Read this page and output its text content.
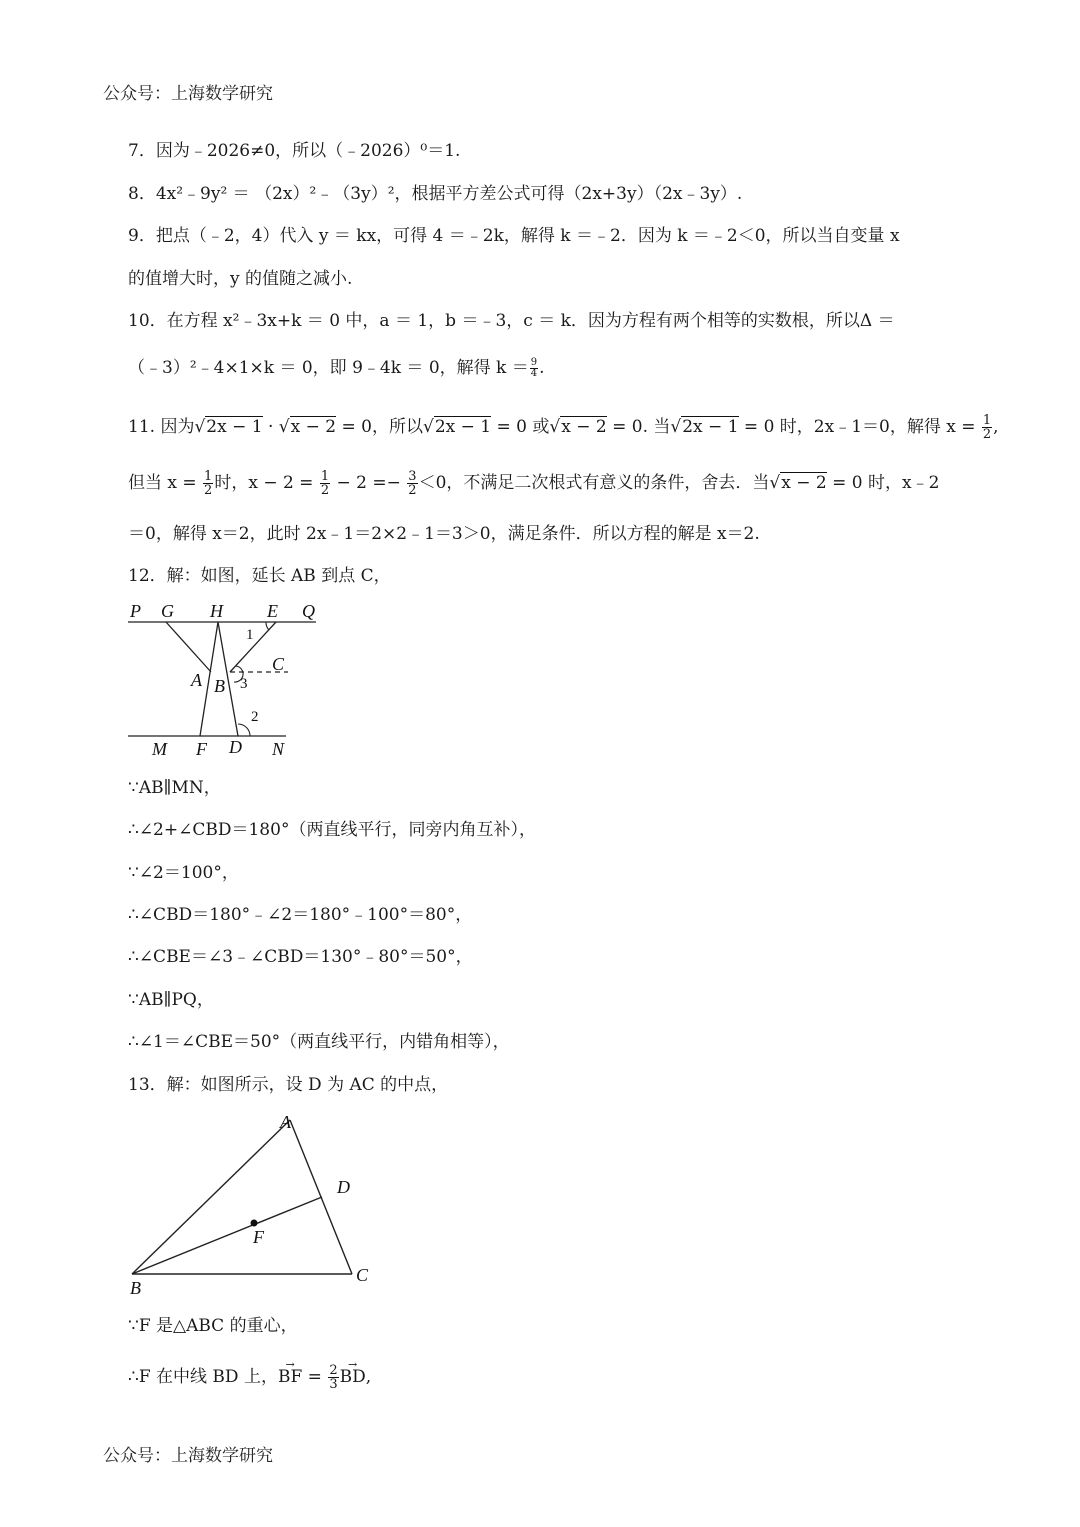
公众号：上海数学研究
7．因为﹣2026≠0，所以（﹣2026）⁰＝1.
8．4x²﹣9y² ＝ （2x）²﹣（3y）²，根据平方差公式可得（2x+3y）（2x﹣3y）.
9．把点（﹣2，4）代入 y ＝ kx，可得 4 ＝﹣2k，解得 k ＝﹣2．因为 k ＝﹣2＜0，所以当自变量 x
的值增大时，y 的值随之减小.
10．在方程 x²﹣3x+k ＝ 0 中，a ＝ 1，b ＝﹣3，c ＝ k．因为方程有两个相等的实数根，所以Δ ＝
（﹣3）²﹣4×1×k ＝ 0，即 9﹣4k ＝ 0，解得 $k = \frac{9}{4}$ .
11. 因为√2x − 1 · √x − 2 = 0，所以√2x − 1 = 0 或√x − 2 = 0. 当√2x − 1 = 0 时，2x﹣1＝0，解得 $x = \frac{1}{2}$ ,
但当 $x = \frac{1}{2}$ 时，$x - 2 = \frac{1}{2} - 2 =- \frac{3}{2} <0$，不满足二次根式有意义的条件，舍去．当√x − 2 = 0 时，x﹣2
＝0，解得 x＝2，此时 2x﹣1＝2×2﹣1＝3＞0，满足条件．所以方程的解是 x＝2.
12．解：如图，延长 AB 到点 C，
P G H E Q
1
C
A B 3
2
M F D N
∵AB∥MN，
∴∠2+∠CBD＝180°（两直线平行，同旁内角互补），
∵∠2＝100°，
∴∠CBD＝180°﹣∠2＝180°﹣100°＝80°，
∴∠CBE＝∠3﹣∠CBD＝130°﹣80°＝50°，
∵AB∥PQ，
∴∠1＝∠CBE＝50°（两直线平行，内错角相等），
13．解：如图所示，设 D 为 AC 的中点，
A
D
F
B
C
∵F 是△ABC 的重心，
∴F 在中线 BD 上，→ BF = $\frac{2}{3}$
→ BD,
公众号：上海数学研究
